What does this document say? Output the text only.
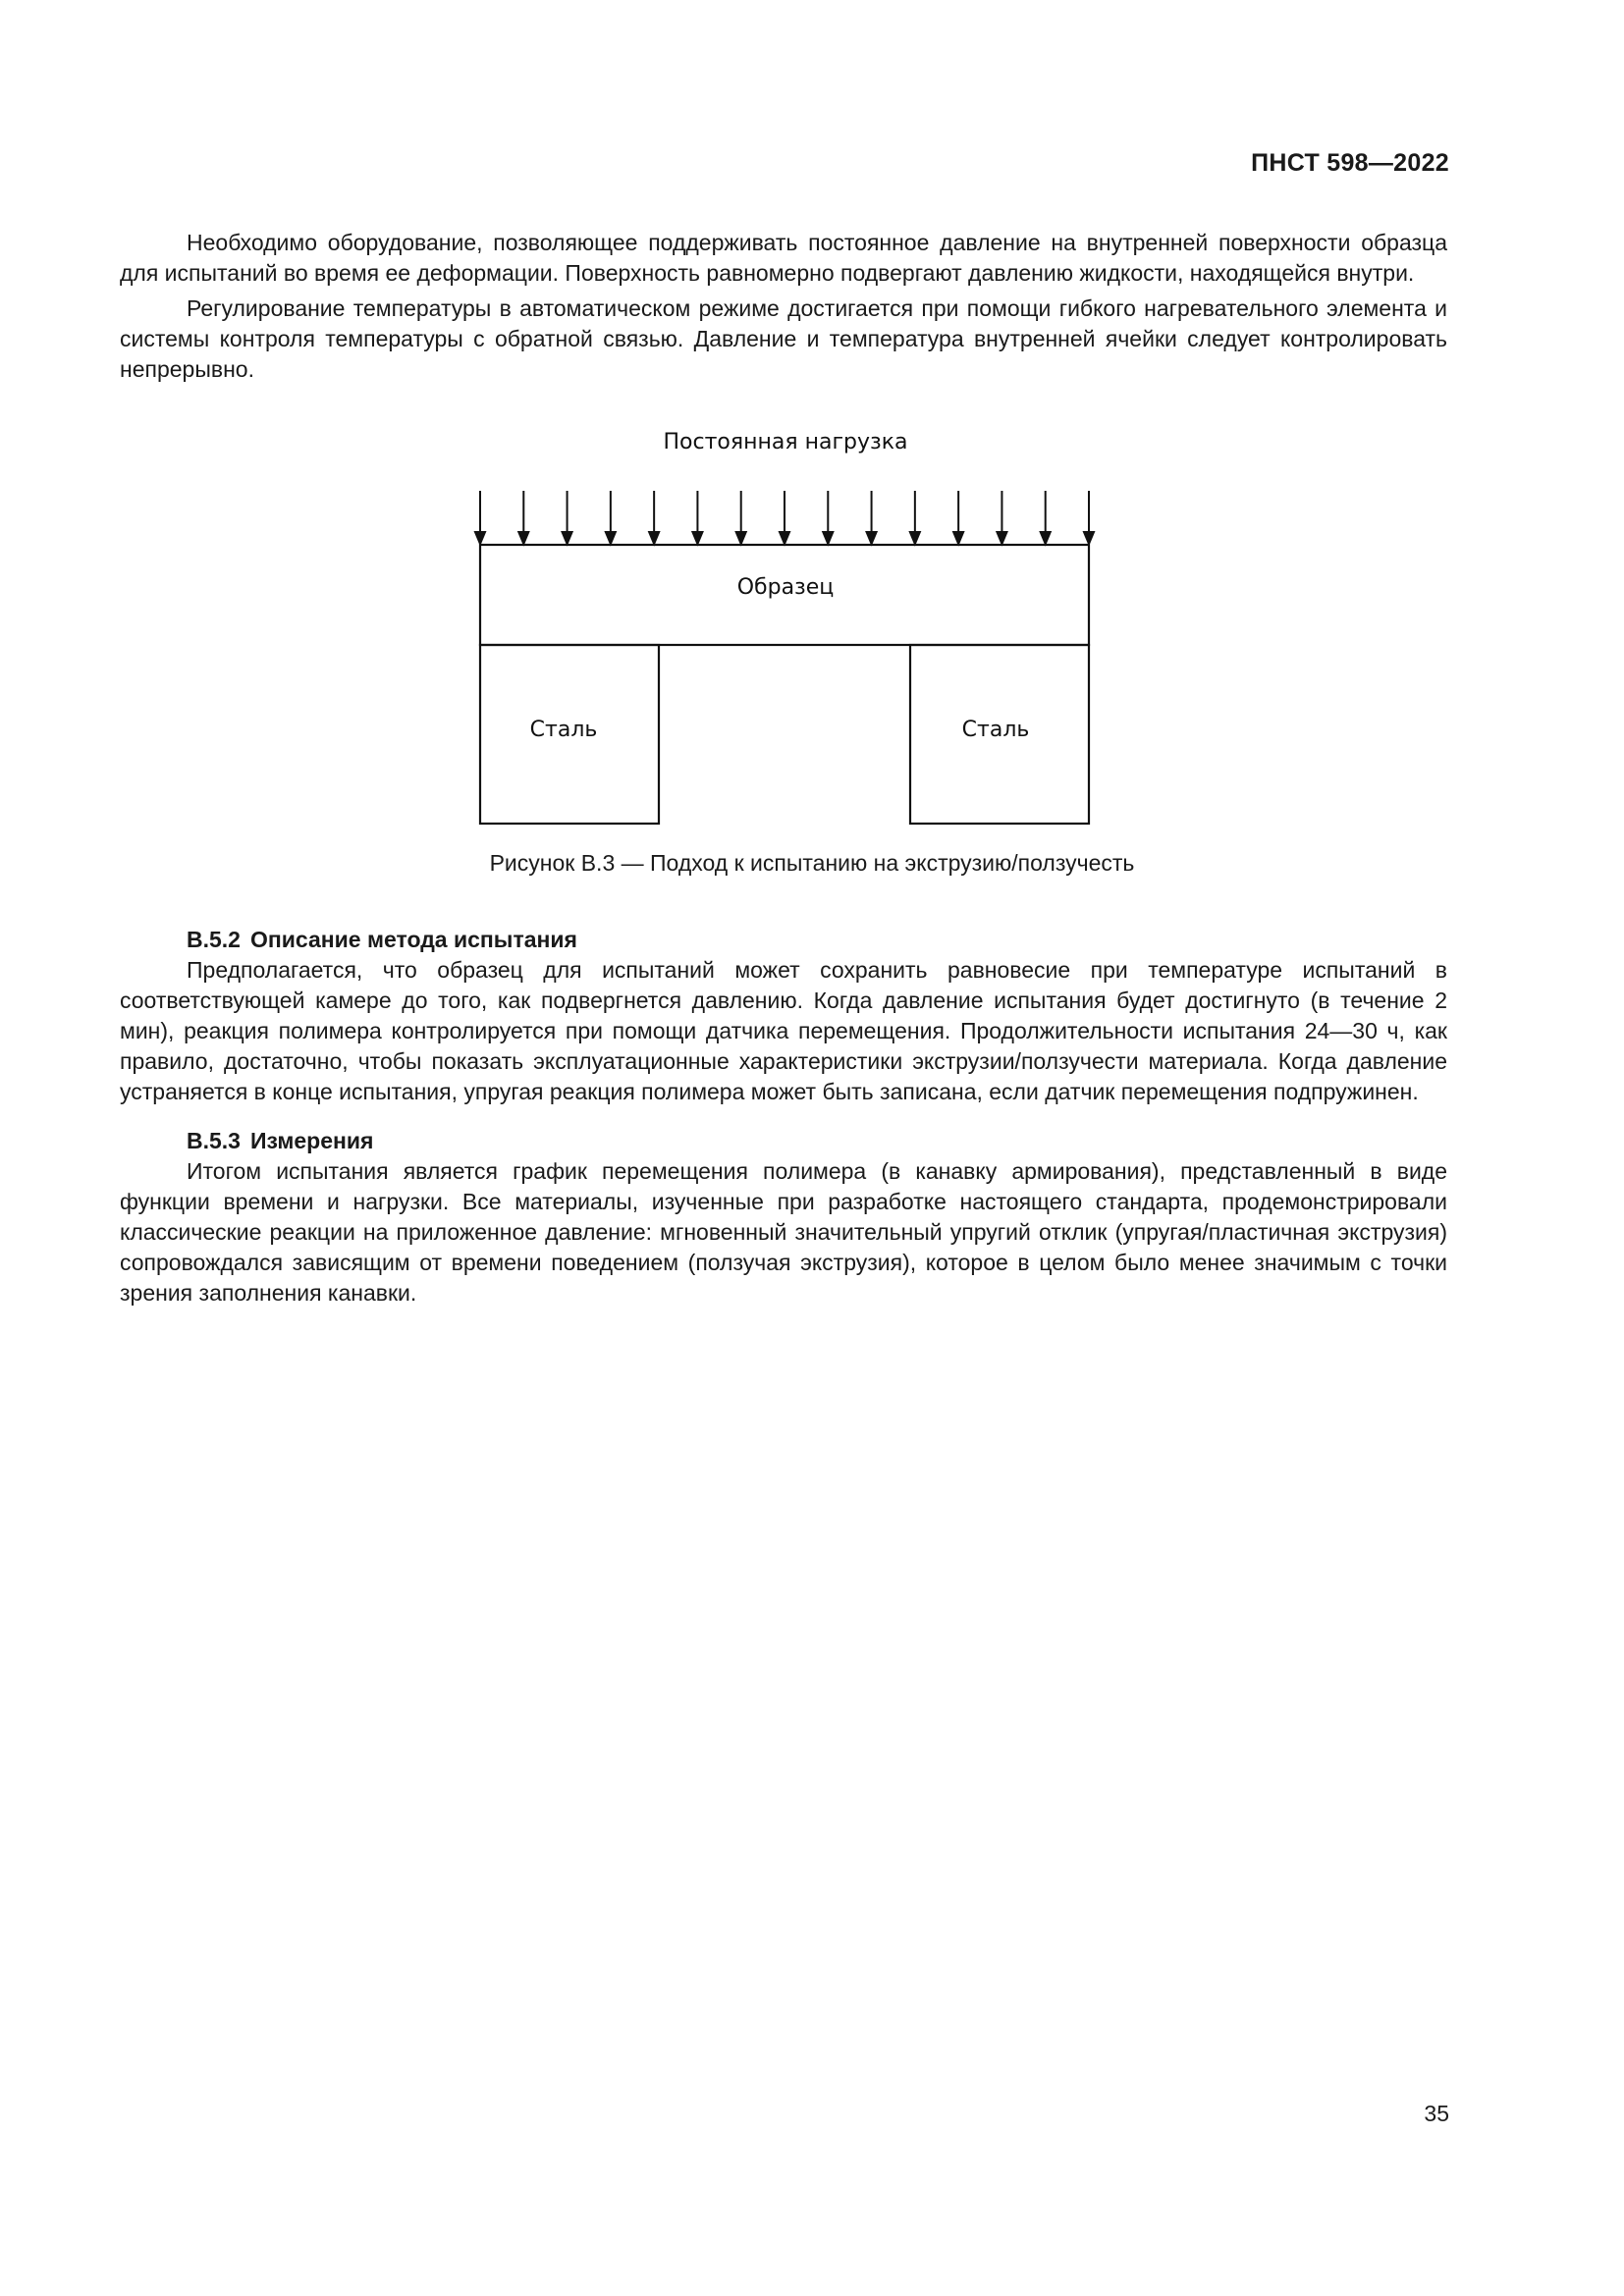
ПНСТ 598—2022

Необходимо оборудование, позволяющее поддерживать постоянное давление на внутренней поверхности образца для испытаний во время ее деформации. Поверхность равномерно подвергают давлению жидкости, находящейся внутри.

Регулирование температуры в автоматическом режиме достигается при помощи гибкого нагревательного элемента и системы контроля температуры с обратной связью. Давление и температура внутренней ячейки следует контролировать непрерывно.

Постоянная нагрузка
Образец
Сталь	Сталь
Рисунок В.3 — Подход к испытанию на экструзию/ползучесть
В.5.2 Описание метода испытания

Предполагается, что образец для испытаний может сохранить равновесие при температуре испытаний в соответствующей камере до того, как подвергнется давлению. Когда давление испытания будет достигнуто (в течение 2 мин), реакция полимера контролируется при помощи датчика перемещения. Продолжительности испытания 24—30 ч, как правило, достаточно, чтобы показать эксплуатационные характеристики экструзии/ползучести материала. Когда давление устраняется в конце испытания, упругая реакция полимера может быть записана, если датчик перемещения подпружинен.

В.5.3 Измерения

Итогом испытания является график перемещения полимера (в канавку армирования), представленный в виде функции времени и нагрузки. Все материалы, изученные при разработке настоящего стандарта, продемонстрировали классические реакции на приложенное давление: мгновенный значительный упругий отклик (упругая/пластичная экструзия) сопровождался зависящим от времени поведением (ползучая экструзия), которое в целом было менее значимым с точки зрения заполнения канавки.

35
